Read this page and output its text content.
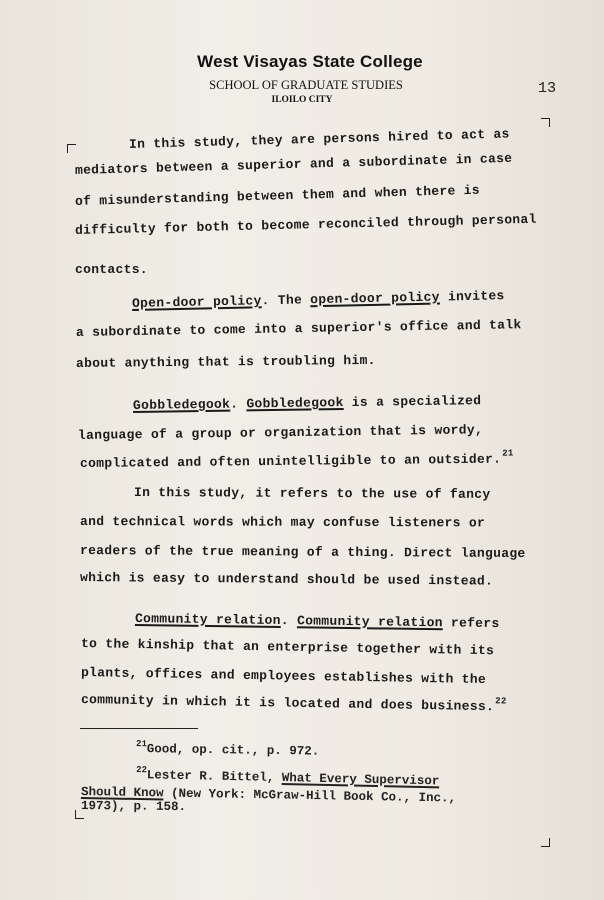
West Visayas State College
SCHOOL OF GRADUATE STUDIES
ILOILO CITY
13
In this study, they are persons hired to act as
mediators between a superior and a subordinate in case
of misunderstanding between them and when there is
difficulty for both to become reconciled through personal
contacts.
Open-door policy. The open-door policy invites
a subordinate to come into a superior's office and talk
about anything that is troubling him.
Gobbledegook. Gobbledegook is a specialized
language of a group or organization that is wordy,
complicated and often unintelligible to an outsider.$^{21}$
In this study, it refers to the use of fancy
and technical words which may confuse listeners or
readers of the true meaning of a thing. Direct language
which is easy to understand should be used instead.
Community relation. Community relation refers
to the kinship that an enterprise together with its
plants, offices and employees establishes with the
community in which it is located and does business.$^{22}$
$^{21}$Good, op. cit., p. 972.
$^{22}$Lester R. Bittel, What Every Supervisor
Should Know (New York: McGraw-Hill Book Co., Inc.,
1973), p. 158.
